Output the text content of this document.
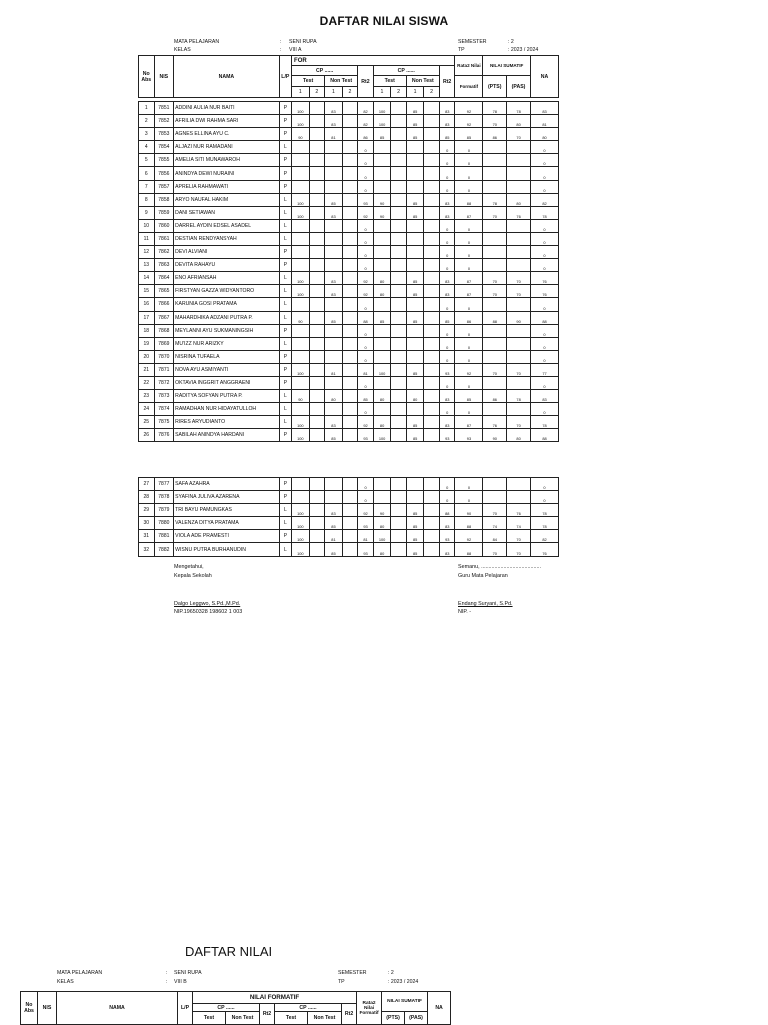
DAFTAR NILAI SISWA
MATA PELAJARAN	: SENI RUPA
KELAS	: VIII A
SEMESTER	: 2
TP	: 2023 / 2024
No Abs	NIS	NAMA	L/P	FOR										Rata2 Nilai	NILAI SUMATIF		NA
				CP ......				Rt2	CP ......				Rt2				
				Test		Non Test			Test		Non Test			Formatif	(PTS)	(PAS)	
				1	2	1	2		1	2	1	2					
1	7851	ADDINI AULIA NUR BAITI	P	100		83		82	100		85		83	92	78	78	83
2	7852	AFRILIA DWI RAHMA SARI	P	100		83		82	100		85		83	92	70	80	81
3	7853	AGNES ELLINA AYU C.	P	90		81		86	85		85		85	85	86	70	80
4	7854	ALJAZI NUR RAMADANI	L					0					0	0			0
5	7855	AMELIA SITI MUNAWAROH	P					0					0	0			0
6	7856	ANINDYA DEWI NURAINI	P					0					0	0			0
7	7857	APRELIA RAHMAWATI	P					0					0	0			0
8	7858	ARYO NAUFAL HAKIM	L	100		85		93	90		85		83	88	78	80	82
9	7859	DANI SETIAWAN	L	100		83		92	90		85		83	87	70	76	78
10	7860	DARREL AYDIN EDSEL ASADEL	L					0					0	0			0
11	7861	DESTIAN RENDYANSYAH	L					0					0	0			0
12	7862	DEVI ALVIANI	P					0					0	0			0
13	7863	DEVITA RAHAYU	P					0					0	0			0
14	7864	ENO AFRIANSAH	L	100		83		92	80		85		83	87	70	70	76
15	7865	FIRSTYAN GAZZA WIDYANTORO	L	100		83		92	80		85		83	87	70	70	76
16	7866	KARUNIA GOSI PRATAMA	L					0					0	0			0
17	7867	MAHARDHIKA ADZANI PUTRA P.	L	90		85		88	85		85		85	86	88	90	88
18	7868	MEYLANNI AYU SUKMANINGSIH	P					0					0	0			0
19	7869	MU'IZZ NUR ARIZKY	L					0					0	0			0
20	7870	NISRINA TUFAELA	P					0					0	0			0
21	7871	NOVA AYU ASMIYANTI	P	100		81		81	100		85		93	92	70	70	77
22	7872	OKTAVIA INGGRIT ANGGRAENI	P					0					0	0			0
23	7873	RADITYA SOFYAN PUTRA P.	L	90		80		85	80		80		83	85	86	78	83
24	7874	RAMADHAN NUR HIDAYATULLOH	L					0					0	0			0
25	7875	RIRES ARYUDIANTO	L	100		83		92	80		85		83	87	76	70	78
26	7876	SABILAH ANINDYA HARDANI	P	100		85		93	100		85		93	93	90	80	88
27	7877	SAFA AZAHRA	P					0					0	0			0
28	7878	SYAFINA JULIVA AZARENA	P					0					0	0			0
29	7879	TRI BAYU PAMUNGKAS	L	100		83		92	90		85		88	90	70	76	78
30	7880	VALENZA DITYA PRATAMA	L	100		85		93	80		85		83	88	74	74	78
31	7881	VIOLA ADE PRAMESTI	P	100		81		81	100		85		93	92	84	70	82
32	7882	WISNU PUTRA BURHANUDIN	L	100		85		93	80		85		83	88	70	70	76
Mengetahui,
Kepala Sekolah
Dalgo Leggwo, S.Pd.,M.Pd.
NIP.19650328 198602 1 003
Semanu, ........................................
Guru Mata Pelajaran
Endang Suryani, S.Pd.
NIP. -
DAFTAR NILAI
MATA PELAJARAN	: SENI RUPA
KELAS	: VIII B
SEMESTER	: 2
TP	: 2023 / 2024
No Abs	NIS	NAMA	L/P	NILAI FORMATIF						Rata2 Nilai Formatif	NILAI SUMATIF		NA
				CP ......		Rt2	CP ......		Rt2				
				Test	Non Test		Test	Non Test			(PTS)	(PAS)	
